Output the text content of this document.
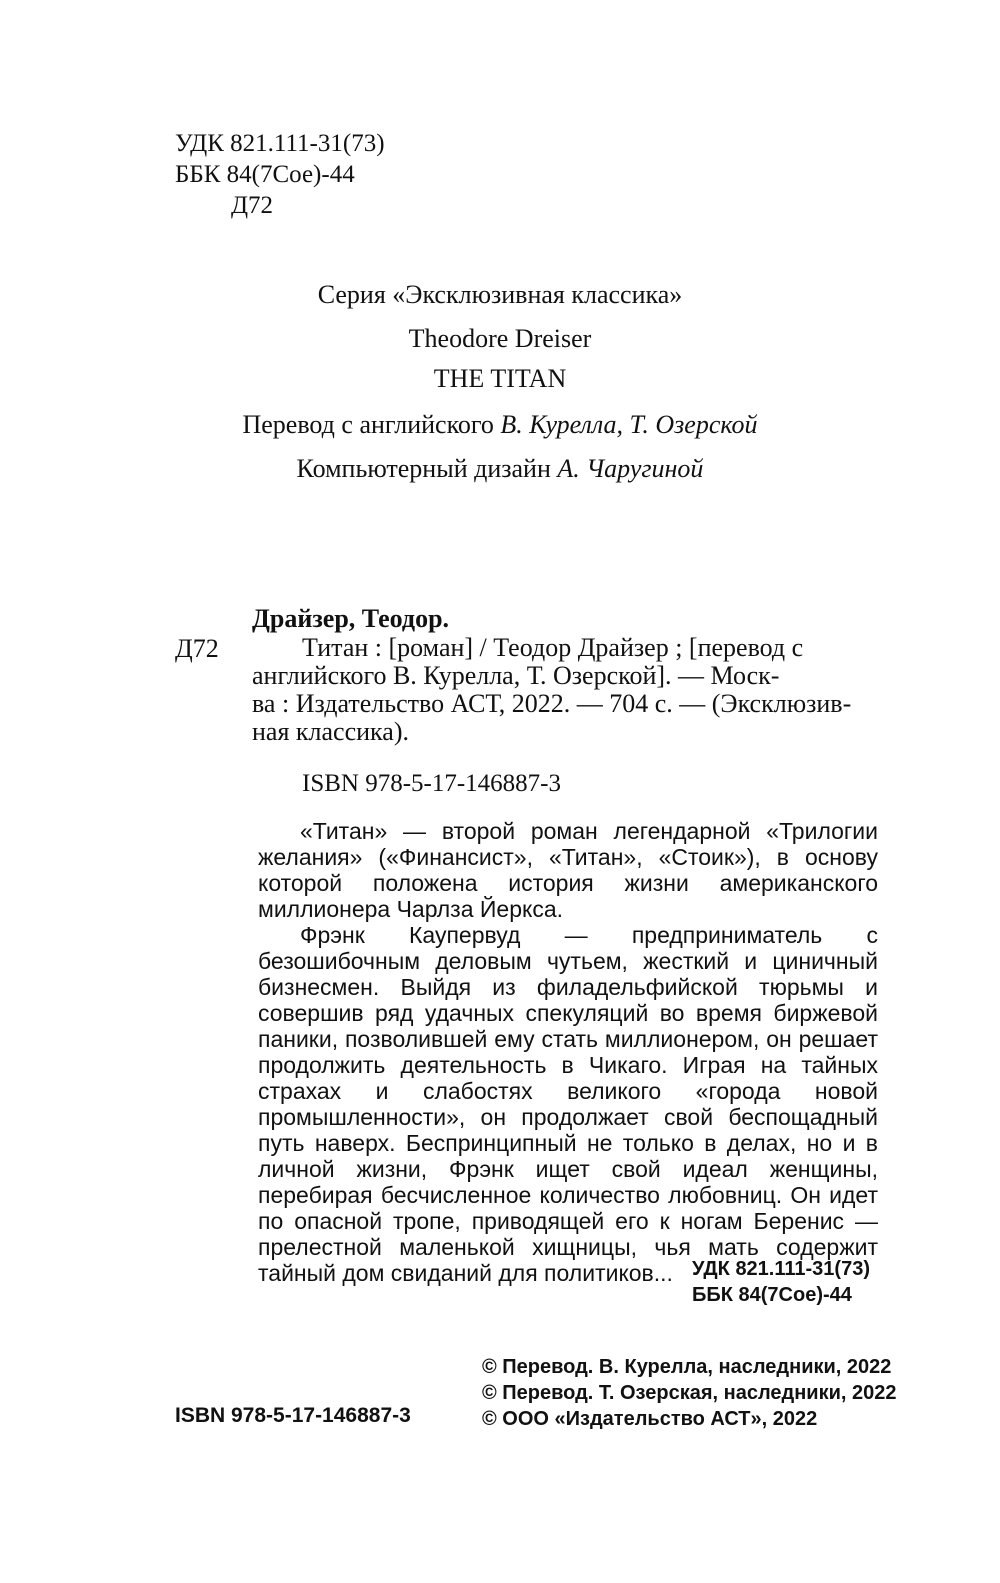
УДК 821.111-31(73)
ББК 84(7Сое)-44
Д72
Серия «Эксклюзивная классика»
Theodore Dreiser
THE TITAN
Перевод с английского В. Курелла, Т. Озерской
Компьютерный дизайн А. Чаругиной
Драйзер, Теодор.
Д72	Титан : [роман] / Теодор Драйзер ; [перевод с
английского В. Курелла, Т. Озерской]. — Моск-
ва : Издательство АСТ, 2022. — 704 с. — (Эксклюзив-
ная классика).
ISBN 978-5-17-146887-3

«Титан» — второй роман легендарной «Трилогии желания» («Финансист», «Титан», «Стоик»), в основу которой положена история жизни американского миллионера Чарлза Йеркса.

Фрэнк Каупервуд — предприниматель с безошибочным деловым чутьем, жесткий и циничный бизнесмен. Выйдя из филадельфийской тюрьмы и совершив ряд удачных спекуляций во время биржевой паники, позволившей ему стать миллионером, он решает продолжить деятельность в Чикаго. Играя на тайных страхах и слабостях великого «города новой промышленности», он продолжает свой беспощадный путь наверх. Беспринципный не только в делах, но и в личной жизни, Фрэнк ищет свой идеал женщины, перебирая бесчисленное количество любовниц. Он идет по опасной тропе, приводящей его к ногам Беренис — прелестной маленькой хищницы, чья мать содержит тайный дом свиданий для политиков... УДК 821.111-31(73)
ББК 84(7Сое)-44
ISBN 978-5-17-146887-3
© Перевод. В. Курелла, наследники, 2022
© Перевод. Т. Озерская, наследники, 2022
© ООО «Издательство АСТ», 2022
